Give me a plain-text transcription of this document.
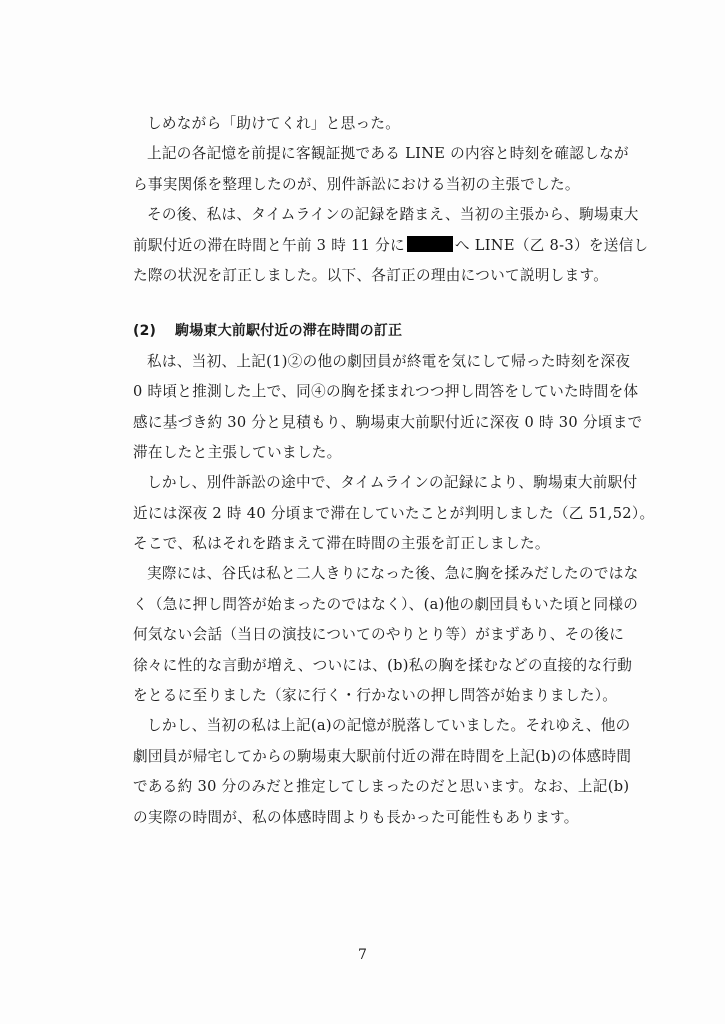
しめながら「助けてくれ」と思った。
上記の各記憶を前提に客観証拠である LINE の内容と時刻を確認しなが
ら事実関係を整理したのが、別件訴訟における当初の主張でした。
その後、私は、タイムラインの記録を踏まえ、当初の主張から、駒場東大
前駅付近の滞在時間と午前 3 時 11 分に	へ LINE（乙 8-3）を送信し
た際の状況を訂正しました。以下、各訂正の理由について説明します。
(2) 駒場東大前駅付近の滞在時間の訂正
私は、当初、上記(1)②の他の劇団員が終電を気にして帰った時刻を深夜
0 時頃と推測した上で、同④の胸を揉まれつつ押し問答をしていた時間を体
感に基づき約 30 分と見積もり、駒場東大前駅付近に深夜 0 時 30 分頃まで
滞在したと主張していました。
しかし、別件訴訟の途中で、タイムラインの記録により、駒場東大前駅付
近には深夜 2 時 40 分頃まで滞在していたことが判明しました（乙 51,52）。
そこで、私はそれを踏まえて滞在時間の主張を訂正しました。
実際には、谷氏は私と二人きりになった後、急に胸を揉みだしたのではな
く（急に押し問答が始まったのではなく）、(a)他の劇団員もいた頃と同様の
何気ない会話（当日の演技についてのやりとり等）がまずあり、その後に
徐々に性的な言動が増え、ついには、(b)私の胸を揉むなどの直接的な行動
をとるに至りました（家に行く・行かないの押し問答が始まりました）。
しかし、当初の私は上記(a)の記憶が脱落していました。それゆえ、他の
劇団員が帰宅してからの駒場東大駅前付近の滞在時間を上記(b)の体感時間
である約 30 分のみだと推定してしまったのだと思います。なお、上記(b)
の実際の時間が、私の体感時間よりも長かった可能性もあります。
7
